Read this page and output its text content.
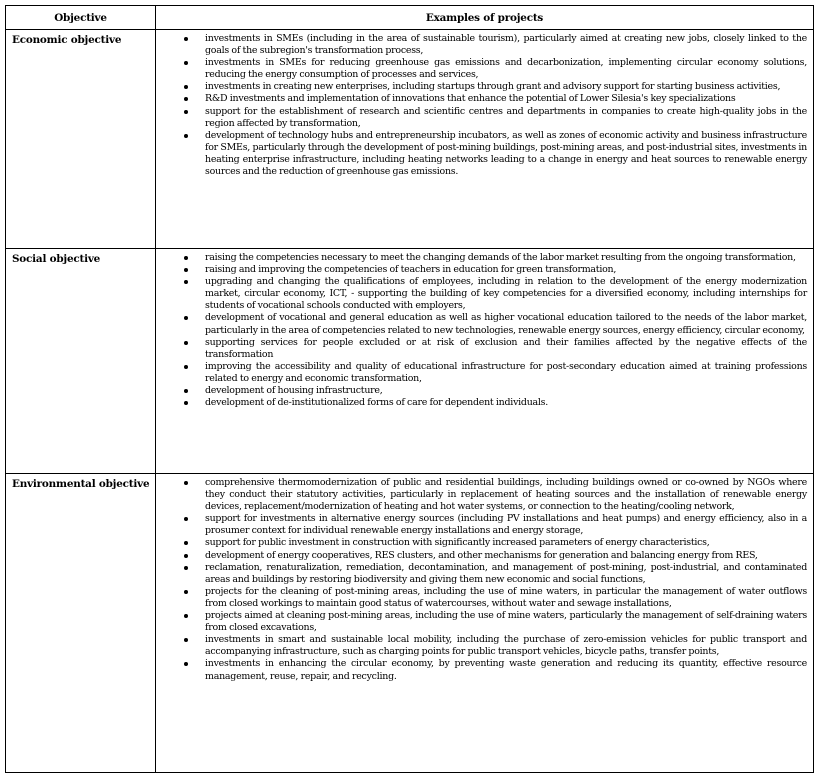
Objective	Examples of projects
Economic objective	investments in SMEs (including in the area of sustainable tourism), particularly aimed at creating new jobs, closely linked to the goals of the subregion's transformation process,
investments in SMEs for reducing greenhouse gas emissions and decarbonization, implementing circular economy solutions, reducing the energy consumption of processes and services,
investments in creating new enterprises, including startups through grant and advisory support for starting business activities,
R&D investments and implementation of innovations that enhance the potential of Lower Silesia's key specializations
support for the establishment of research and scientific centres and departments in companies to create high-quality jobs in the region affected by transformation,
development of technology hubs and entrepreneurship incubators, as well as zones of economic activity and business infrastructure for SMEs, particularly through the development of post-mining buildings, post-mining areas, and post-industrial sites, investments in heating enterprise infrastructure, including heating networks leading to a change in energy and heat sources to renewable energy sources and the reduction of greenhouse gas emissions.

Social objective	raising the competencies necessary to meet the changing demands of the labor market resulting from the ongoing transformation,
raising and improving the competencies of teachers in education for green transformation,
upgrading and changing the qualifications of employees, including in relation to the development of the energy modernization market, circular economy, ICT, - supporting the building of key competencies for a diversified economy, including internships for students of vocational schools conducted with employers,
development of vocational and general education as well as higher vocational education tailored to the needs of the labor market, particularly in the area of competencies related to new technologies, renewable energy sources, energy efficiency, circular economy,
supporting services for people excluded or at risk of exclusion and their families affected by the negative effects of the transformation
improving the accessibility and quality of educational infrastructure for post-secondary education aimed at training professions related to energy and economic transformation,
development of housing infrastructure,
development of de-institutionalized forms of care for dependent individuals.

Environmental objective	comprehensive thermomodernization of public and residential buildings, including buildings owned or co-owned by NGOs where they conduct their statutory activities, particularly in replacement of heating sources and the installation of renewable energy devices, replacement/modernization of heating and hot water systems, or connection to the heating/cooling network,
support for investments in alternative energy sources (including PV installations and heat pumps) and energy efficiency, also in a prosumer context for individual renewable energy installations and energy storage,
support for public investment in construction with significantly increased parameters of energy characteristics,
development of energy cooperatives, RES clusters, and other mechanisms for generation and balancing energy from RES,
reclamation, renaturalization, remediation, decontamination, and management of post-mining, post-industrial, and contaminated areas and buildings by restoring biodiversity and giving them new economic and social functions,
projects for the cleaning of post-mining areas, including the use of mine waters, in particular the management of water outflows from closed workings to maintain good status of watercourses, without water and sewage installations,
projects aimed at cleaning post-mining areas, including the use of mine waters, particularly the management of self-draining waters from closed excavations,
investments in smart and sustainable local mobility, including the purchase of zero-emission vehicles for public transport and accompanying infrastructure, such as charging points for public transport vehicles, bicycle paths, transfer points,
investments in enhancing the circular economy, by preventing waste generation and reducing its quantity, effective resource management, reuse, repair, and recycling.
